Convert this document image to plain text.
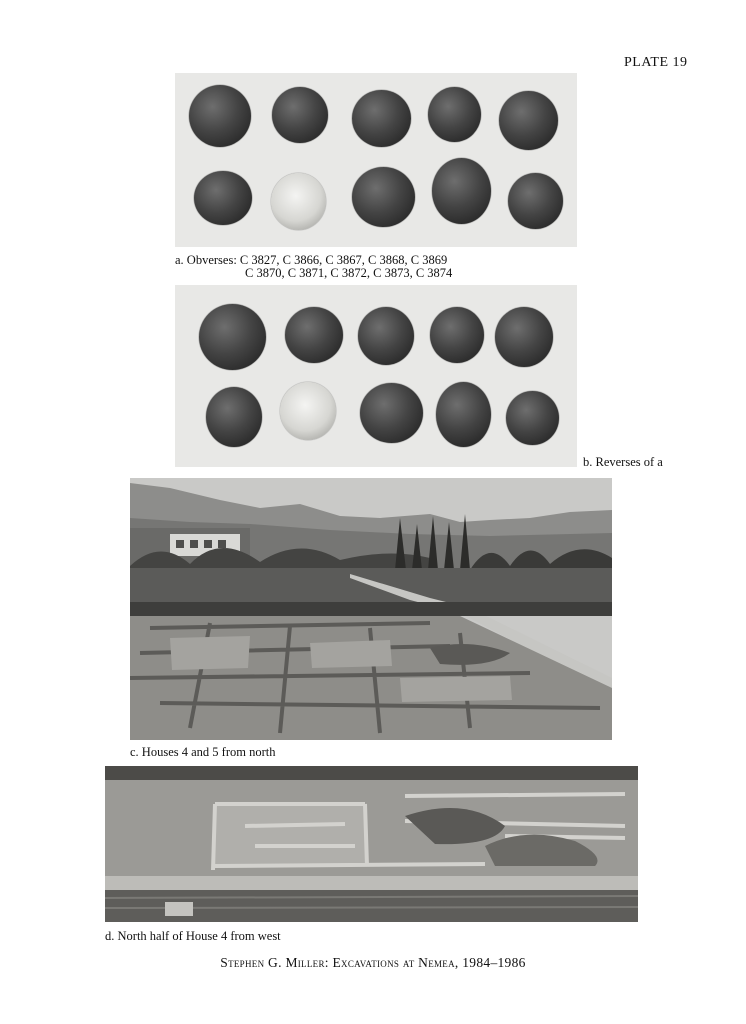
PLATE 19
a. Obverses: C 3827, C 3866, C 3867, C 3868, C 3869
C 3870, C 3871, C 3872, C 3873, C 3874
b. Reverses of a
c. Houses 4 and 5 from north
d. North half of House 4 from west
Stephen G. Miller: Excavations at Nemea, 1984–1986
